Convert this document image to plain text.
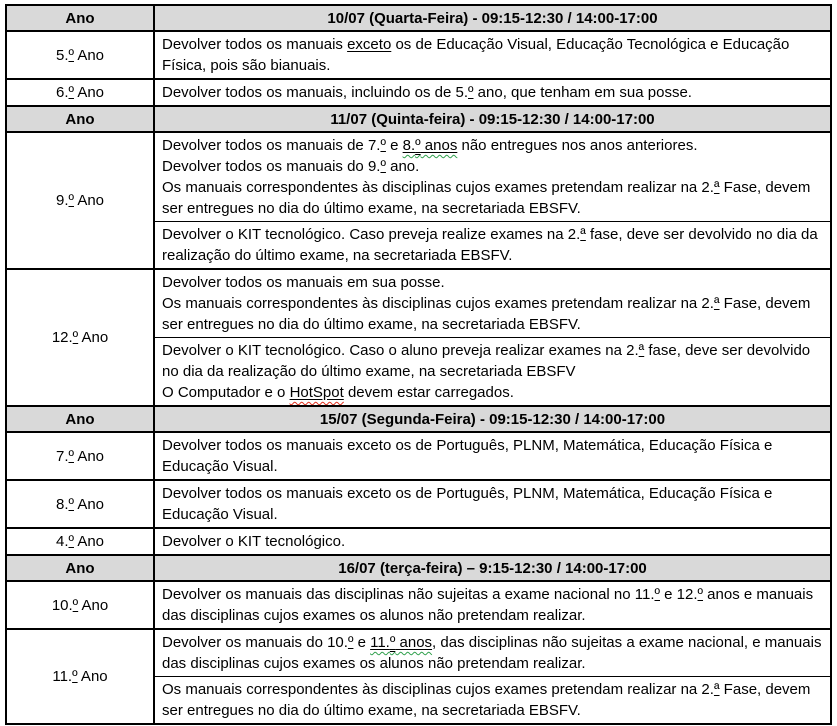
Ano	10/07 (Quarta-Feira) - 09:15-12:30 / 14:00-17:00
5.º Ano	Devolver todos os manuais exceto os de Educação Visual, Educação Tecnológica e Educação Física, pois são bianuais.

6.º Ano	Devolver todos os manuais, incluindo os de 5.º ano, que tenham em sua posse.

Ano	11/07 (Quinta-feira) - 09:15-12:30 / 14:00-17:00
9.º Ano	Devolver todos os manuais de 7.º e 8.º anos não entregues nos anos anteriores.
Devolver todos os manuais do 9.º ano.
Os manuais correspondentes às disciplinas cujos exames pretendam realizar na 2.ª Fase, devem ser entregues no dia do último exame, na secretariada EBSFV.

	Devolver o KIT tecnológico. Caso preveja realize exames na 2.ª fase, deve ser devolvido no dia da realização do último exame, na secretariada EBSFV.

12.º Ano	Devolver todos os manuais em sua posse.
Os manuais correspondentes às disciplinas cujos exames pretendam realizar na 2.ª Fase, devem ser entregues no dia do último exame, na secretariada EBSFV.

	Devolver o KIT tecnológico. Caso o aluno preveja realizar exames na 2.ª fase, deve ser devolvido no dia da realização do último exame, na secretariada EBSFV
O Computador e o HotSpot devem estar carregados.

Ano	15/07 (Segunda-Feira) - 09:15-12:30 / 14:00-17:00
7.º Ano	Devolver todos os manuais exceto os de Português, PLNM, Matemática, Educação Física e Educação Visual.

8.º Ano	Devolver todos os manuais exceto os de Português, PLNM, Matemática, Educação Física e Educação Visual.

4.º Ano	Devolver o KIT tecnológico.

Ano	16/07 (terça-feira) – 9:15-12:30 / 14:00-17:00
10.º Ano	Devolver os manuais das disciplinas não sujeitas a exame nacional no 11.º e 12.º anos e manuais das disciplinas cujos exames os alunos não pretendam realizar.

11.º Ano	Devolver os manuais do 10.º e 11.º anos, das disciplinas não sujeitas a exame nacional, e manuais das disciplinas cujos exames os alunos não pretendam realizar.

	Os manuais correspondentes às disciplinas cujos exames pretendam realizar na 2.ª Fase, devem ser entregues no dia do último exame, na secretariada EBSFV.
